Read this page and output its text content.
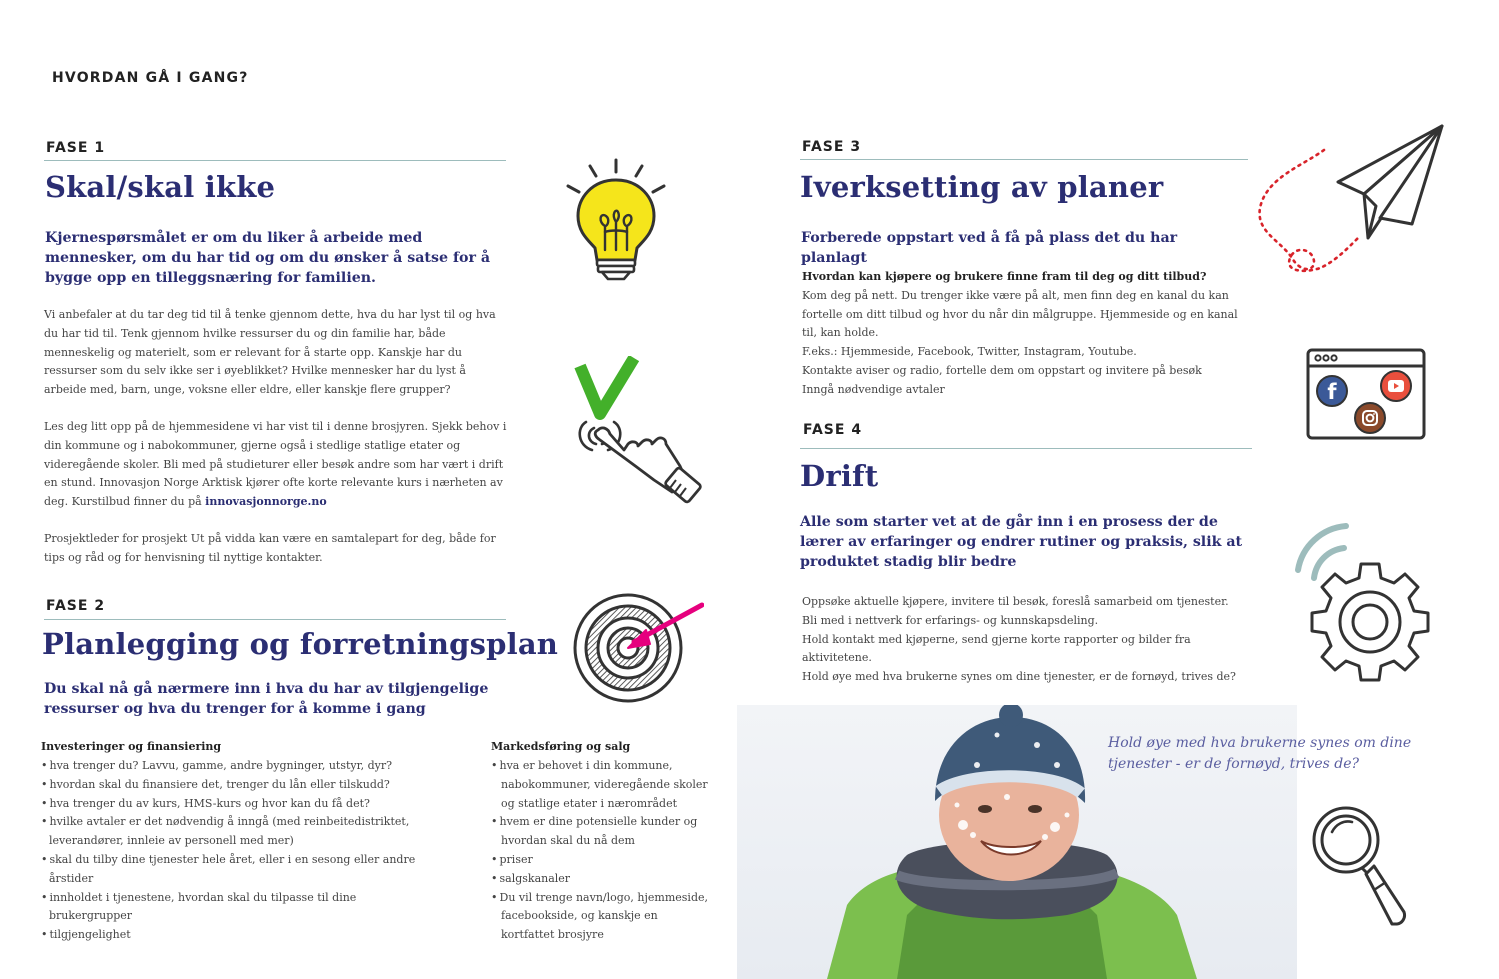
HVORDAN GÅ I GANG?
FASE 1
Skal/skal ikke
Kjernespørsmålet er om du liker å arbeide med mennesker, om du har tid og om du ønsker å satse for å bygge opp en tilleggsnæring for familien.

Vi anbefaler at du tar deg tid til å tenke gjennom dette, hva du har lyst til og hva du har tid til. Tenk gjennom hvilke ressurser du og din familie har, både menneskelig og materielt, som er relevant for å starte opp. Kanskje har du ressurser som du selv ikke ser i øyeblikket? Hvilke mennesker har du lyst å arbeide med, barn, unge, voksne eller eldre, eller kanskje flere grupper?

Les deg litt opp på de hjemmesidene vi har vist til i denne brosjyren. Sjekk behov i din kommune og i nabokommuner, gjerne også i stedlige statlige etater og videregående skoler. Bli med på studieturer eller besøk andre som har vært i drift en stund. Innovasjon Norge Arktisk kjører ofte korte relevante kurs i nærheten av deg. Kurstilbud finner du på innovasjonnorge.no

Prosjektleder for prosjekt Ut på vidda kan være en samtalepart for deg, både for tips og råd og for henvisning til nyttige kontakter.

FASE 2
Planlegging og forretningsplan
Du skal nå gå nærmere inn i hva du har av tilgjengelige ressurser og hva du trenger for å komme i gang
Investeringer og finansiering
• hva trenger du? Lavvu, gamme, andre bygninger, utstyr, dyr?
• hvordan skal du finansiere det, trenger du lån eller tilskudd?
• hva trenger du av kurs, HMS-kurs og hvor kan du få det?
• hvilke avtaler er det nødvendig å inngå (med reinbeitedistriktet, leverandører, innleie av personell med mer)
• skal du tilby dine tjenester hele året, eller i en sesong eller andre årstider
• innholdet i tjenestene, hvordan skal du tilpasse til dine brukergrupper
• tilgjengelighet
Markedsføring og salg
• hva er behovet i din kommune, nabokommuner, videregående skoler og statlige etater i nærområdet
• hvem er dine potensielle kunder og hvordan skal du nå dem
• priser
• salgskanaler
• Du vil trenge navn/logo, hjemmeside, facebookside, og kanskje en kortfattet brosjyre
FASE 3
Iverksetting av planer
Forberede oppstart ved å få på plass det du har planlagt

Hvordan kan kjøpere og brukere finne fram til deg og ditt tilbud?

Kom deg på nett. Du trenger ikke være på alt, men finn deg en kanal du kan fortelle om ditt tilbud og hvor du når din målgruppe. Hjemmeside og en kanal til, kan holde.

F.eks.: Hjemmeside, Facebook, Twitter, Instagram, Youtube.

Kontakte aviser og radio, fortelle dem om oppstart og invitere på besøk

Inngå nødvendige avtaler	f
FASE 4
Drift
Alle som starter vet at de går inn i en prosess der de lærer av erfaringer og endrer rutiner og praksis, slik at produktet stadig blir bedre

Oppsøke aktuelle kjøpere, invitere til besøk, foreslå samarbeid om tjenester.

Bli med i nettverk for erfarings- og kunnskapsdeling.

Hold kontakt med kjøperne, send gjerne korte rapporter og bilder fra aktivitetene.

Hold øye med hva brukerne synes om dine tjenester, er de fornøyd, trives de?

Hold øye med hva brukerne synes om dine tjenester - er de fornøyd, trives de?
